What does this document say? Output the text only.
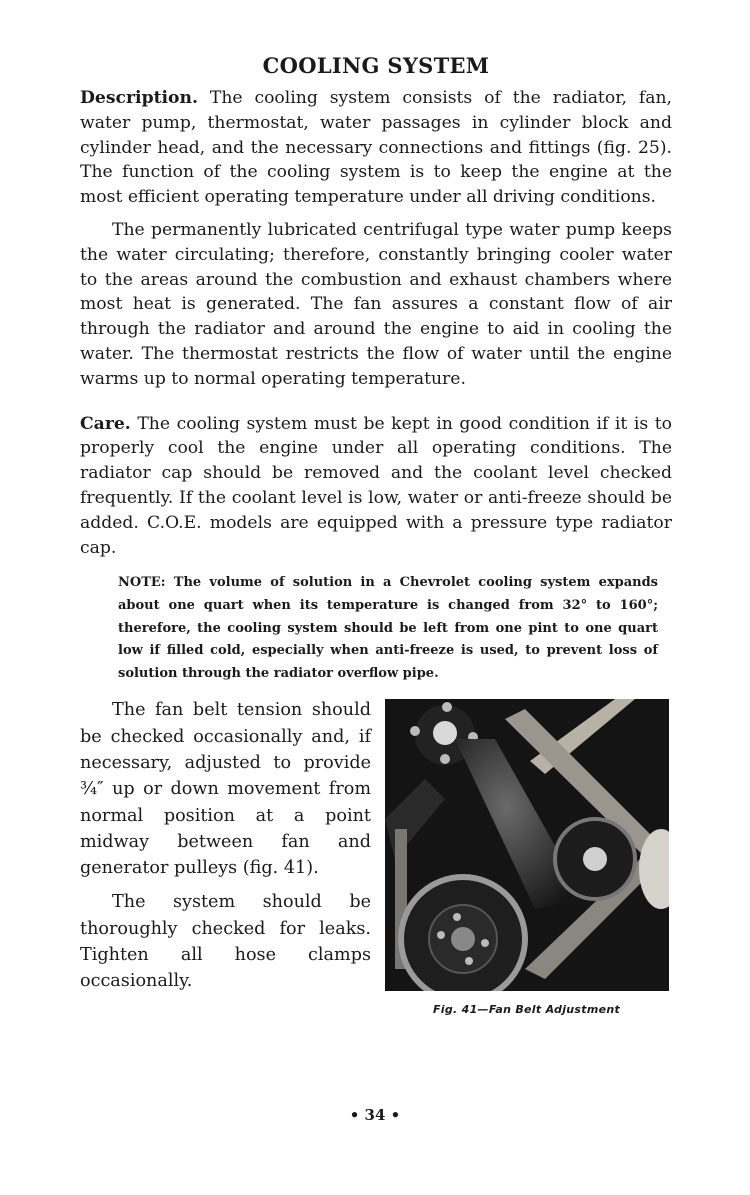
COOLING SYSTEM

Description. The cooling system consists of the radiator, fan, water pump, thermostat, water passages in cylinder block and cylinder head, and the necessary connections and fittings (fig. 25). The function of the cooling system is to keep the engine at the most efficient operating temperature under all driving conditions.

The permanently lubricated centrifugal type water pump keeps the water circulating; therefore, constantly bringing cooler water to the areas around the combustion and exhaust chambers where most heat is generated. The fan assures a constant flow of air through the radiator and around the engine to aid in cooling the water. The thermostat restricts the flow of water until the engine warms up to normal operating temperature.

Care. The cooling system must be kept in good condition if it is to properly cool the engine under all operating conditions. The radiator cap should be removed and the coolant level checked frequently. If the coolant level is low, water or anti-freeze should be added. C.O.E. models are equipped with a pressure type radiator cap.

NOTE: The volume of solution in a Chevrolet cooling system expands about one quart when its temperature is changed from 32° to 160°; therefore, the cooling system should be left from one pint to one quart low if filled cold, especially when anti-freeze is used, to prevent loss of solution through the radiator overflow pipe.

The fan belt tension should be checked occasionally and, if necessary, adjusted to provide ¾″ up or down movement from normal position at a point midway between fan and generator pulleys (fig. 41).

The system should be thoroughly checked for leaks. Tighten all hose clamps occasionally.

Fig. 41—Fan Belt Adjustment
• 34 •
